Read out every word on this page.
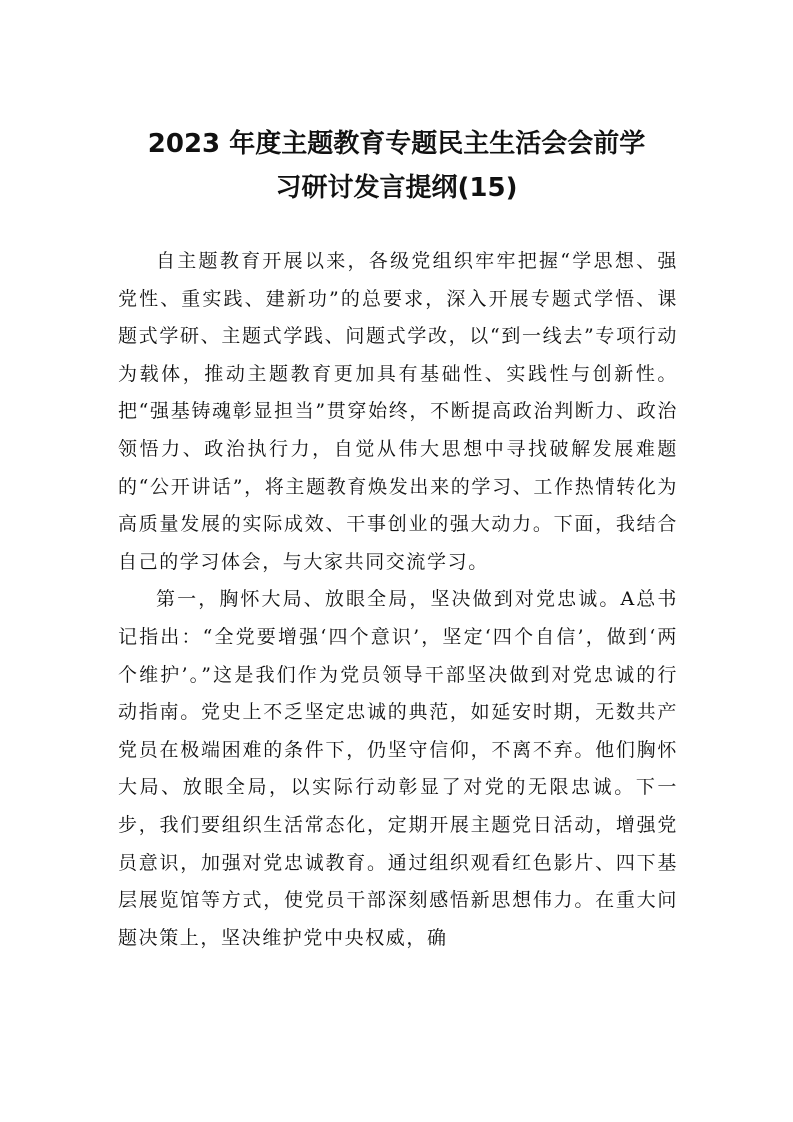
2023 年度主题教育专题民主生活会会前学
习研讨发言提纲(15)

自主题教育开展以来，各级党组织牢牢把握“学思想、强党性、重实践、建新功”的总要求，深入开展专题式学悟、课题式学研、主题式学践、问题式学改，以“到一线去”专项行动为载体，推动主题教育更加具有基础性、实践性与创新性。把“强基铸魂彰显担当”贯穿始终，不断提高政治判断力、政治领悟力、政治执行力，自觉从伟大思想中寻找破解发展难题的“公开讲话”，将主题教育焕发出来的学习、工作热情转化为高质量发展的实际成效、干事创业的强大动力。下面，我结合自己的学习体会，与大家共同交流学习。

第一，胸怀大局、放眼全局，坚决做到对党忠诚。A总书记指出：“全党要增强‘四个意识’，坚定‘四个自信’，做到‘两个维护’。”这是我们作为党员领导干部坚决做到对党忠诚的行动指南。党史上不乏坚定忠诚的典范，如延安时期，无数共产党员在极端困难的条件下，仍坚守信仰，不离不弃。他们胸怀大局、放眼全局，以实际行动彰显了对党的无限忠诚。下一步，我们要组织生活常态化，定期开展主题党日活动，增强党员意识，加强对党忠诚教育。通过组织观看红色影片、四下基层展览馆等方式，使党员干部深刻感悟新思想伟力。在重大问题决策上，坚决维护党中央权威，确
